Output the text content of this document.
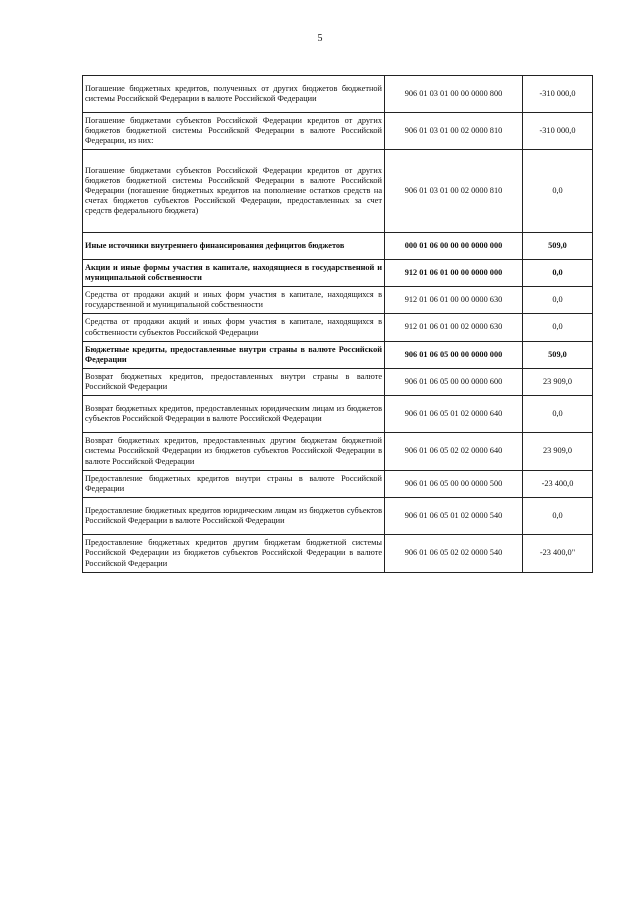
5
Погашение бюджетных кредитов, полученных от других бюджетов бюджетной системы Российской Федерации в валюте Российской Федерации	906 01 03 01 00 00 0000 800	-310 000,0
Погашение бюджетами субъектов Российской Федерации кредитов от других бюджетов бюджетной системы Российской Федерации в валюте Российской Федерации, из них:	906 01 03 01 00 02 0000 810	-310 000,0
Погашение бюджетами субъектов Российской Федерации кредитов от других бюджетов бюджетной системы Российской Федерации в валюте Российской Федерации (погашение бюджетных кредитов на пополнение остатков средств на счетах бюджетов субъектов Российской Федерации, предоставленных за счет средств федерального бюджета)	906 01 03 01 00 02 0000 810	0,0
Иные источники внутреннего финансирования дефицитов бюджетов	000 01 06 00 00 00 0000 000	509,0
Акции и иные формы участия в капитале, находящиеся в государственной и муниципальной собственности	912 01 06 01 00 00 0000 000	0,0
Средства от продажи акций и иных форм участия в капитале, находящихся в государственной и муниципальной собственности	912 01 06 01 00 00 0000 630	0,0
Средства от продажи акций и иных форм участия в капитале, находящихся в собственности субъектов Российской Федерации	912 01 06 01 00 02 0000 630	0,0
Бюджетные кредиты, предоставленные внутри страны в валюте Российской Федерации	906 01 06 05 00 00 0000 000	509,0
Возврат бюджетных кредитов, предоставленных внутри страны в валюте Российской Федерации	906 01 06 05 00 00 0000 600	23 909,0
Возврат бюджетных кредитов, предоставленных юридическим лицам из бюджетов субъектов Российской Федерации в валюте Российской Федерации	906 01 06 05 01 02 0000 640	0,0
Возврат бюджетных кредитов, предоставленных другим бюджетам бюджетной системы Российской Федерации из бюджетов субъектов Российской Федерации в валюте Российской Федерации	906 01 06 05 02 02 0000 640	23 909,0
Предоставление бюджетных кредитов внутри страны в валюте Российской Федерации	906 01 06 05 00 00 0000 500	-23 400,0
Предоставление бюджетных кредитов юридическим лицам из бюджетов субъектов Российской Федерации в валюте Российской Федерации	906 01 06 05 01 02 0000 540	0,0
Предоставление бюджетных кредитов другим бюджетам бюджетной системы Российской Федерации из бюджетов субъектов Российской Федерации в валюте Российской Федерации	906 01 06 05 02 02 0000 540	-23 400,0"
